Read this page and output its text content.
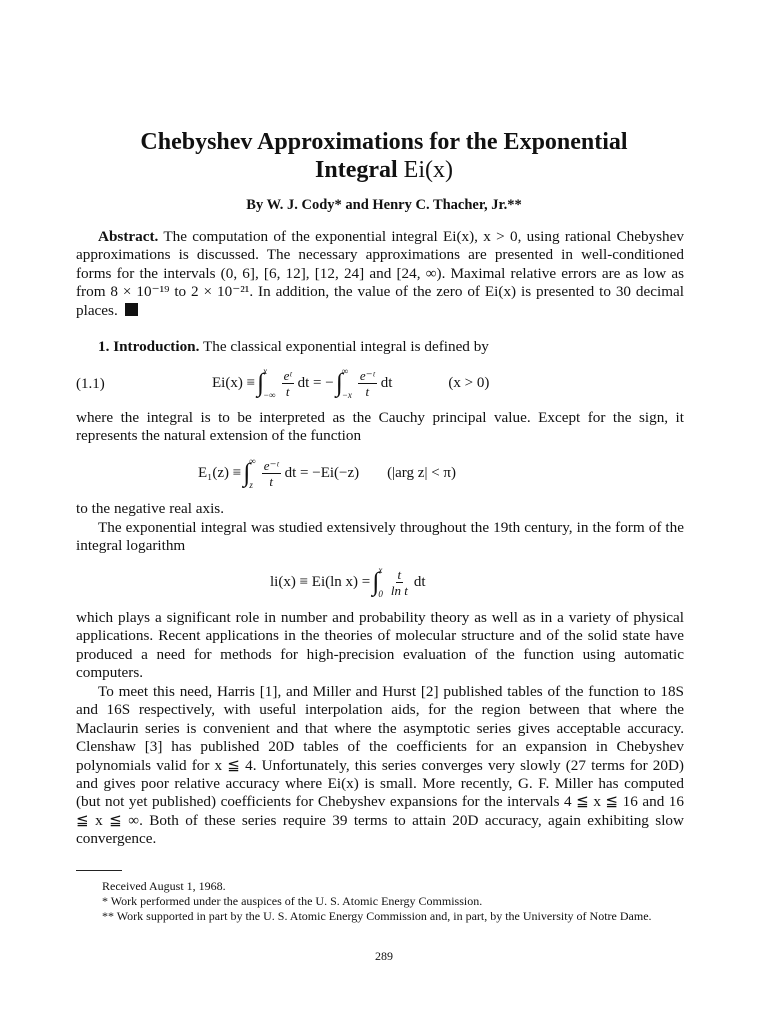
Chebyshev Approximations for the Exponential
Integral Ei(x)
By W. J. Cody* and Henry C. Thacher, Jr.**
Abstract. The computation of the exponential integral Ei(x), x > 0, using rational Chebyshev approximations is discussed. The necessary approximations are presented in well-conditioned forms for the intervals (0, 6], [6, 12], [12, 24] and [24, ∞). Maximal relative errors are as low as from 8 × 10⁻¹⁹ to 2 × 10⁻²¹. In addition, the value of the zero of Ei(x) is presented to 30 decimal places.
1. Introduction. The classical exponential integral is defined by
(1.1)	Ei(x) ≡ ∫ x
−∞ $\frac{\text{eᵗ}}{t}$ dt = − ∫ ∞
$-x \frac{\text{e⁻ᵗ}}{t}$ dt	(x > 0)
where the integral is to be interpreted as the Cauchy principal value. Except for the sign, it represents the natural extension of the function
E₁(z) ≡ ∫ ∞
z $\frac{\text{e⁻ᵗ}}{t}$ dt = −Ei(−z) (|arg z| < π)
to the negative real axis.
The exponential integral was studied extensively throughout the 19th century, in the form of the integral logarithm
li(x) ≡ Ei(ln x) = ∫ x
$0 \frac{t}{\text{ln t}}$ dt
which plays a significant role in number and probability theory as well as in a variety of physical applications. Recent applications in the theories of molecular structure and of the solid state have produced a need for methods for high-precision evaluation of the function using automatic computers.
To meet this need, Harris [1], and Miller and Hurst [2] published tables of the function to 18S and 16S respectively, with useful interpolation aids, for the region between that where the Maclaurin series is convenient and that where the asymptotic series gives acceptable accuracy. Clenshaw [3] has published 20D tables of the coefficients for an expansion in Chebyshev polynomials valid for x ≦ 4. Unfortunately, this series converges very slowly (27 terms for 20D) and gives poor relative accuracy where Ei(x) is small. More recently, G. F. Miller has computed (but not yet published) coefficients for Chebyshev expansions for the intervals 4 ≦ x ≦ 16 and 16 ≦ x ≦ ∞. Both of these series require 39 terms to attain 20D accuracy, again exhibiting slow convergence.
Received August 1, 1968.
* Work performed under the auspices of the U. S. Atomic Energy Commission.
** Work supported in part by the U. S. Atomic Energy Commission and, in part, by the University of Notre Dame.
289
